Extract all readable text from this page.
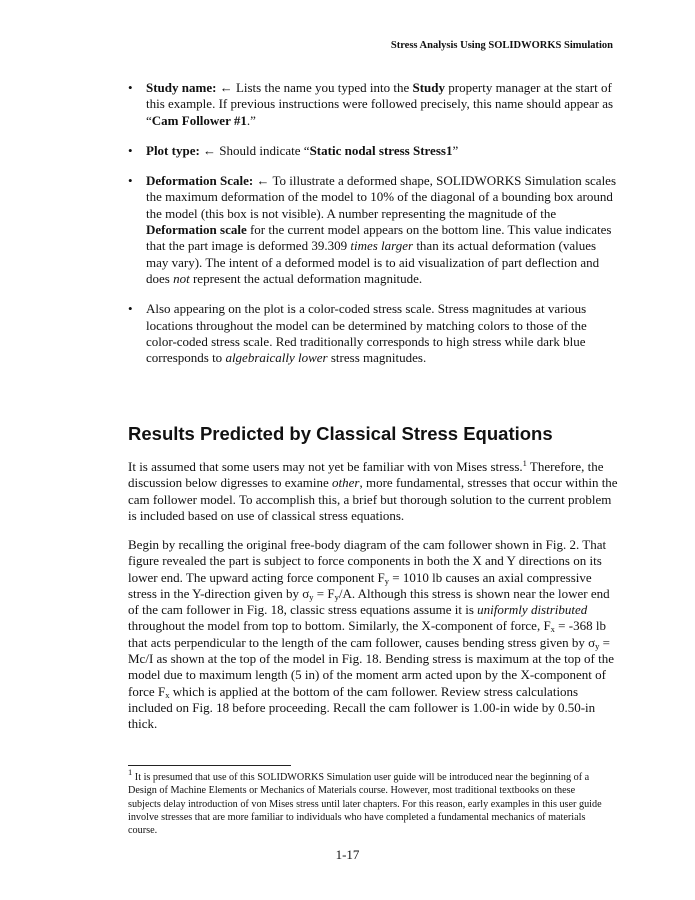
Stress Analysis Using SOLIDWORKS Simulation
• Study name: ← Lists the name you typed into the Study property manager at the start of this example. If previous instructions were followed precisely, this name should appear as “Cam Follower #1.”
• Plot type: ← Should indicate “Static nodal stress Stress1”
• Deformation Scale: ← To illustrate a deformed shape, SOLIDWORKS Simulation scales the maximum deformation of the model to 10% of the diagonal of a bounding box around the model (this box is not visible). A number representing the magnitude of the Deformation scale for the current model appears on the bottom line. This value indicates that the part image is deformed 39.309 times larger than its actual deformation (values may vary). The intent of a deformed model is to aid visualization of part deflection and does not represent the actual deformation magnitude.
• Also appearing on the plot is a color-coded stress scale. Stress magnitudes at various locations throughout the model can be determined by matching colors to those of the color-coded stress scale. Red traditionally corresponds to high stress while dark blue corresponds to algebraically lower stress magnitudes.
Results Predicted by Classical Stress Equations

It is assumed that some users may not yet be familiar with von Mises stress.$^1$ Therefore, the discussion below digresses to examine other, more fundamental, stresses that occur within the cam follower model. To accomplish this, a brief but thorough solution to the current problem is included based on use of classical stress equations.

Begin by recalling the original free-body diagram of the cam follower shown in Fig. 2. That figure revealed the part is subject to force components in both the X and Y directions on its lower end. The upward acting force component $F_y = 1010$ lb causes an axial compressive stress in the Y-direction given by $\sigma_y = F_y/A$. Although this stress is shown near the lower end of the cam follower in Fig. 18, classic stress equations assume it is uniformly distributed throughout the model from top to bottom. Similarly, the X-component of force, $F_x = -368$ lb that acts perpendicular to the length of the cam follower, causes bending stress given by $\sigma_y = Mc/I$ as shown at the top of the model in Fig. 18. Bending stress is maximum at the top of the model due to maximum length (5 in) of the moment arm acted upon by the X-component of force $F_x$ which is applied at the bottom of the cam follower. Review stress calculations included on Fig. 18 before proceeding. Recall the cam follower is 1.00-in wide by 0.50-in thick.

$^1$ It is presumed that use of this SOLIDWORKS Simulation user guide will be introduced near the beginning of a Design of Machine Elements or Mechanics of Materials course. However, most traditional textbooks on these subjects delay introduction of von Mises stress until later chapters. For this reason, early examples in this user guide involve stresses that are more familiar to individuals who have completed a fundamental mechanics of materials course.

1-17
